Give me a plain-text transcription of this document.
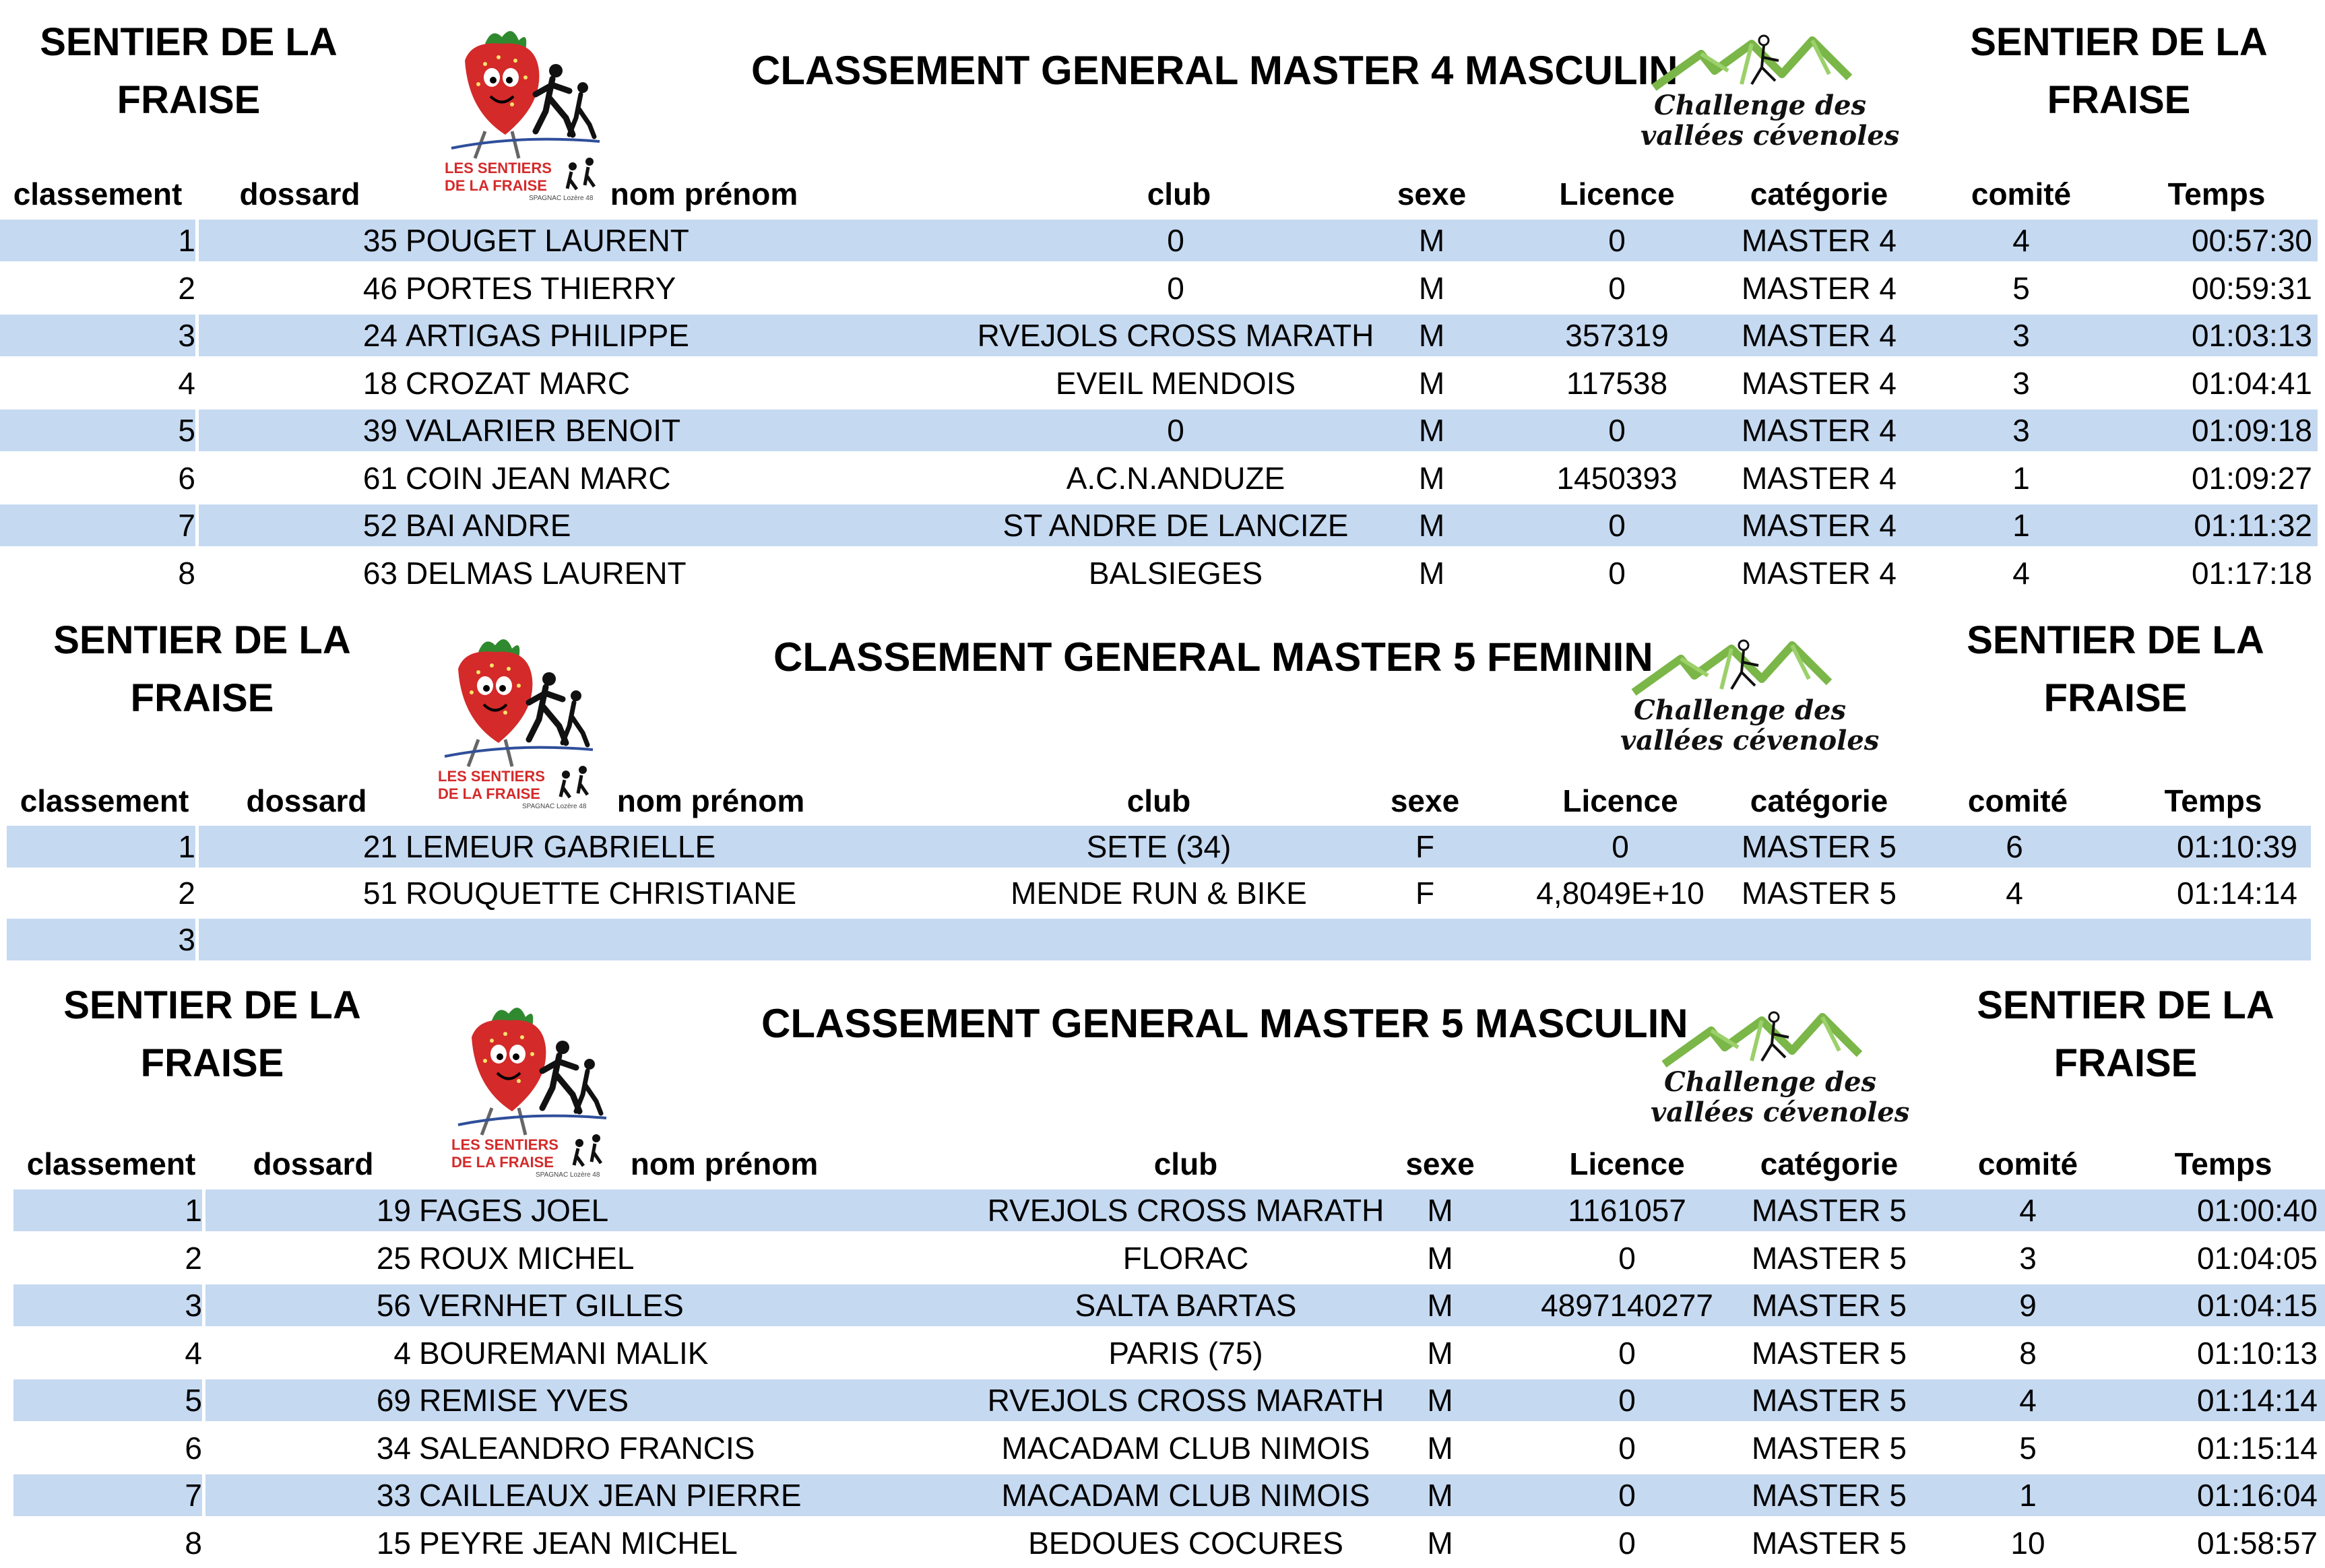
SENTIER DE LA
FRAISE
LES SENTIERS
DE LA FRAISE
SPAGNAC Lozère 48
CLASSEMENT GENERAL MASTER 4 MASCULIN
Challenge des
vallées cévenoles
SENTIER DE LA
FRAISE
classement	dossard	nom prénom	club	sexe	Licence	catégorie	comité	Temps
1	35 POUGET LAURENT	0	M	0	MASTER 4	4	00:57:30
2	46 PORTES THIERRY	0	M	0	MASTER 4	5	00:59:31
3	24 ARTIGAS PHILIPPE	RVEJOLS CROSS MARATH	M	357319	MASTER 4	3	01:03:13
4	18 CROZAT MARC	EVEIL MENDOIS	M	117538	MASTER 4	3	01:04:41
5	39 VALARIER BENOIT	0	M	0	MASTER 4	3	01:09:18
6	61 COIN JEAN MARC	A.C.N.ANDUZE	M	1450393	MASTER 4	1	01:09:27
7	52 BAI ANDRE	ST ANDRE DE LANCIZE	M	0	MASTER 4	1	01:11:32
8	63 DELMAS LAURENT	BALSIEGES	M	0	MASTER 4	4	01:17:18
SENTIER DE LA
FRAISE
LES SENTIERS
DE LA FRAISE
SPAGNAC Lozère 48
CLASSEMENT GENERAL MASTER 5 FEMININ
Challenge des
vallées cévenoles
SENTIER DE LA
FRAISE
classement	dossard	nom prénom	club	sexe	Licence	catégorie	comité	Temps
1	21 LEMEUR GABRIELLE	SETE (34)	F	0	MASTER 5	6	01:10:39
2	51 ROUQUETTE CHRISTIANE	MENDE RUN & BIKE	F	4,8049E+10	MASTER 5	4	01:14:14
3
SENTIER DE LA
FRAISE
LES SENTIERS
DE LA FRAISE
SPAGNAC Lozère 48
CLASSEMENT GENERAL MASTER 5 MASCULIN
Challenge des
vallées cévenoles
SENTIER DE LA
FRAISE
classement	dossard	nom prénom	club	sexe	Licence	catégorie	comité	Temps
1	19 FAGES JOEL	RVEJOLS CROSS MARATH	M	1161057	MASTER 5	4	01:00:40
2	25 ROUX MICHEL	FLORAC	M	0	MASTER 5	3	01:04:05
3	56 VERNHET GILLES	SALTA BARTAS	M	4897140277	MASTER 5	9	01:04:15
4	4 BOUREMANI MALIK	PARIS (75)	M	0	MASTER 5	8	01:10:13
5	69 REMISE YVES	RVEJOLS CROSS MARATH	M	0	MASTER 5	4	01:14:14
6	34 SALEANDRO FRANCIS	MACADAM CLUB NIMOIS	M	0	MASTER 5	5	01:15:14
7	33 CAILLEAUX JEAN PIERRE	MACADAM CLUB NIMOIS	M	0	MASTER 5	1	01:16:04
8	15 PEYRE JEAN MICHEL	BEDOUES COCURES	M	0	MASTER 5	10	01:58:57
